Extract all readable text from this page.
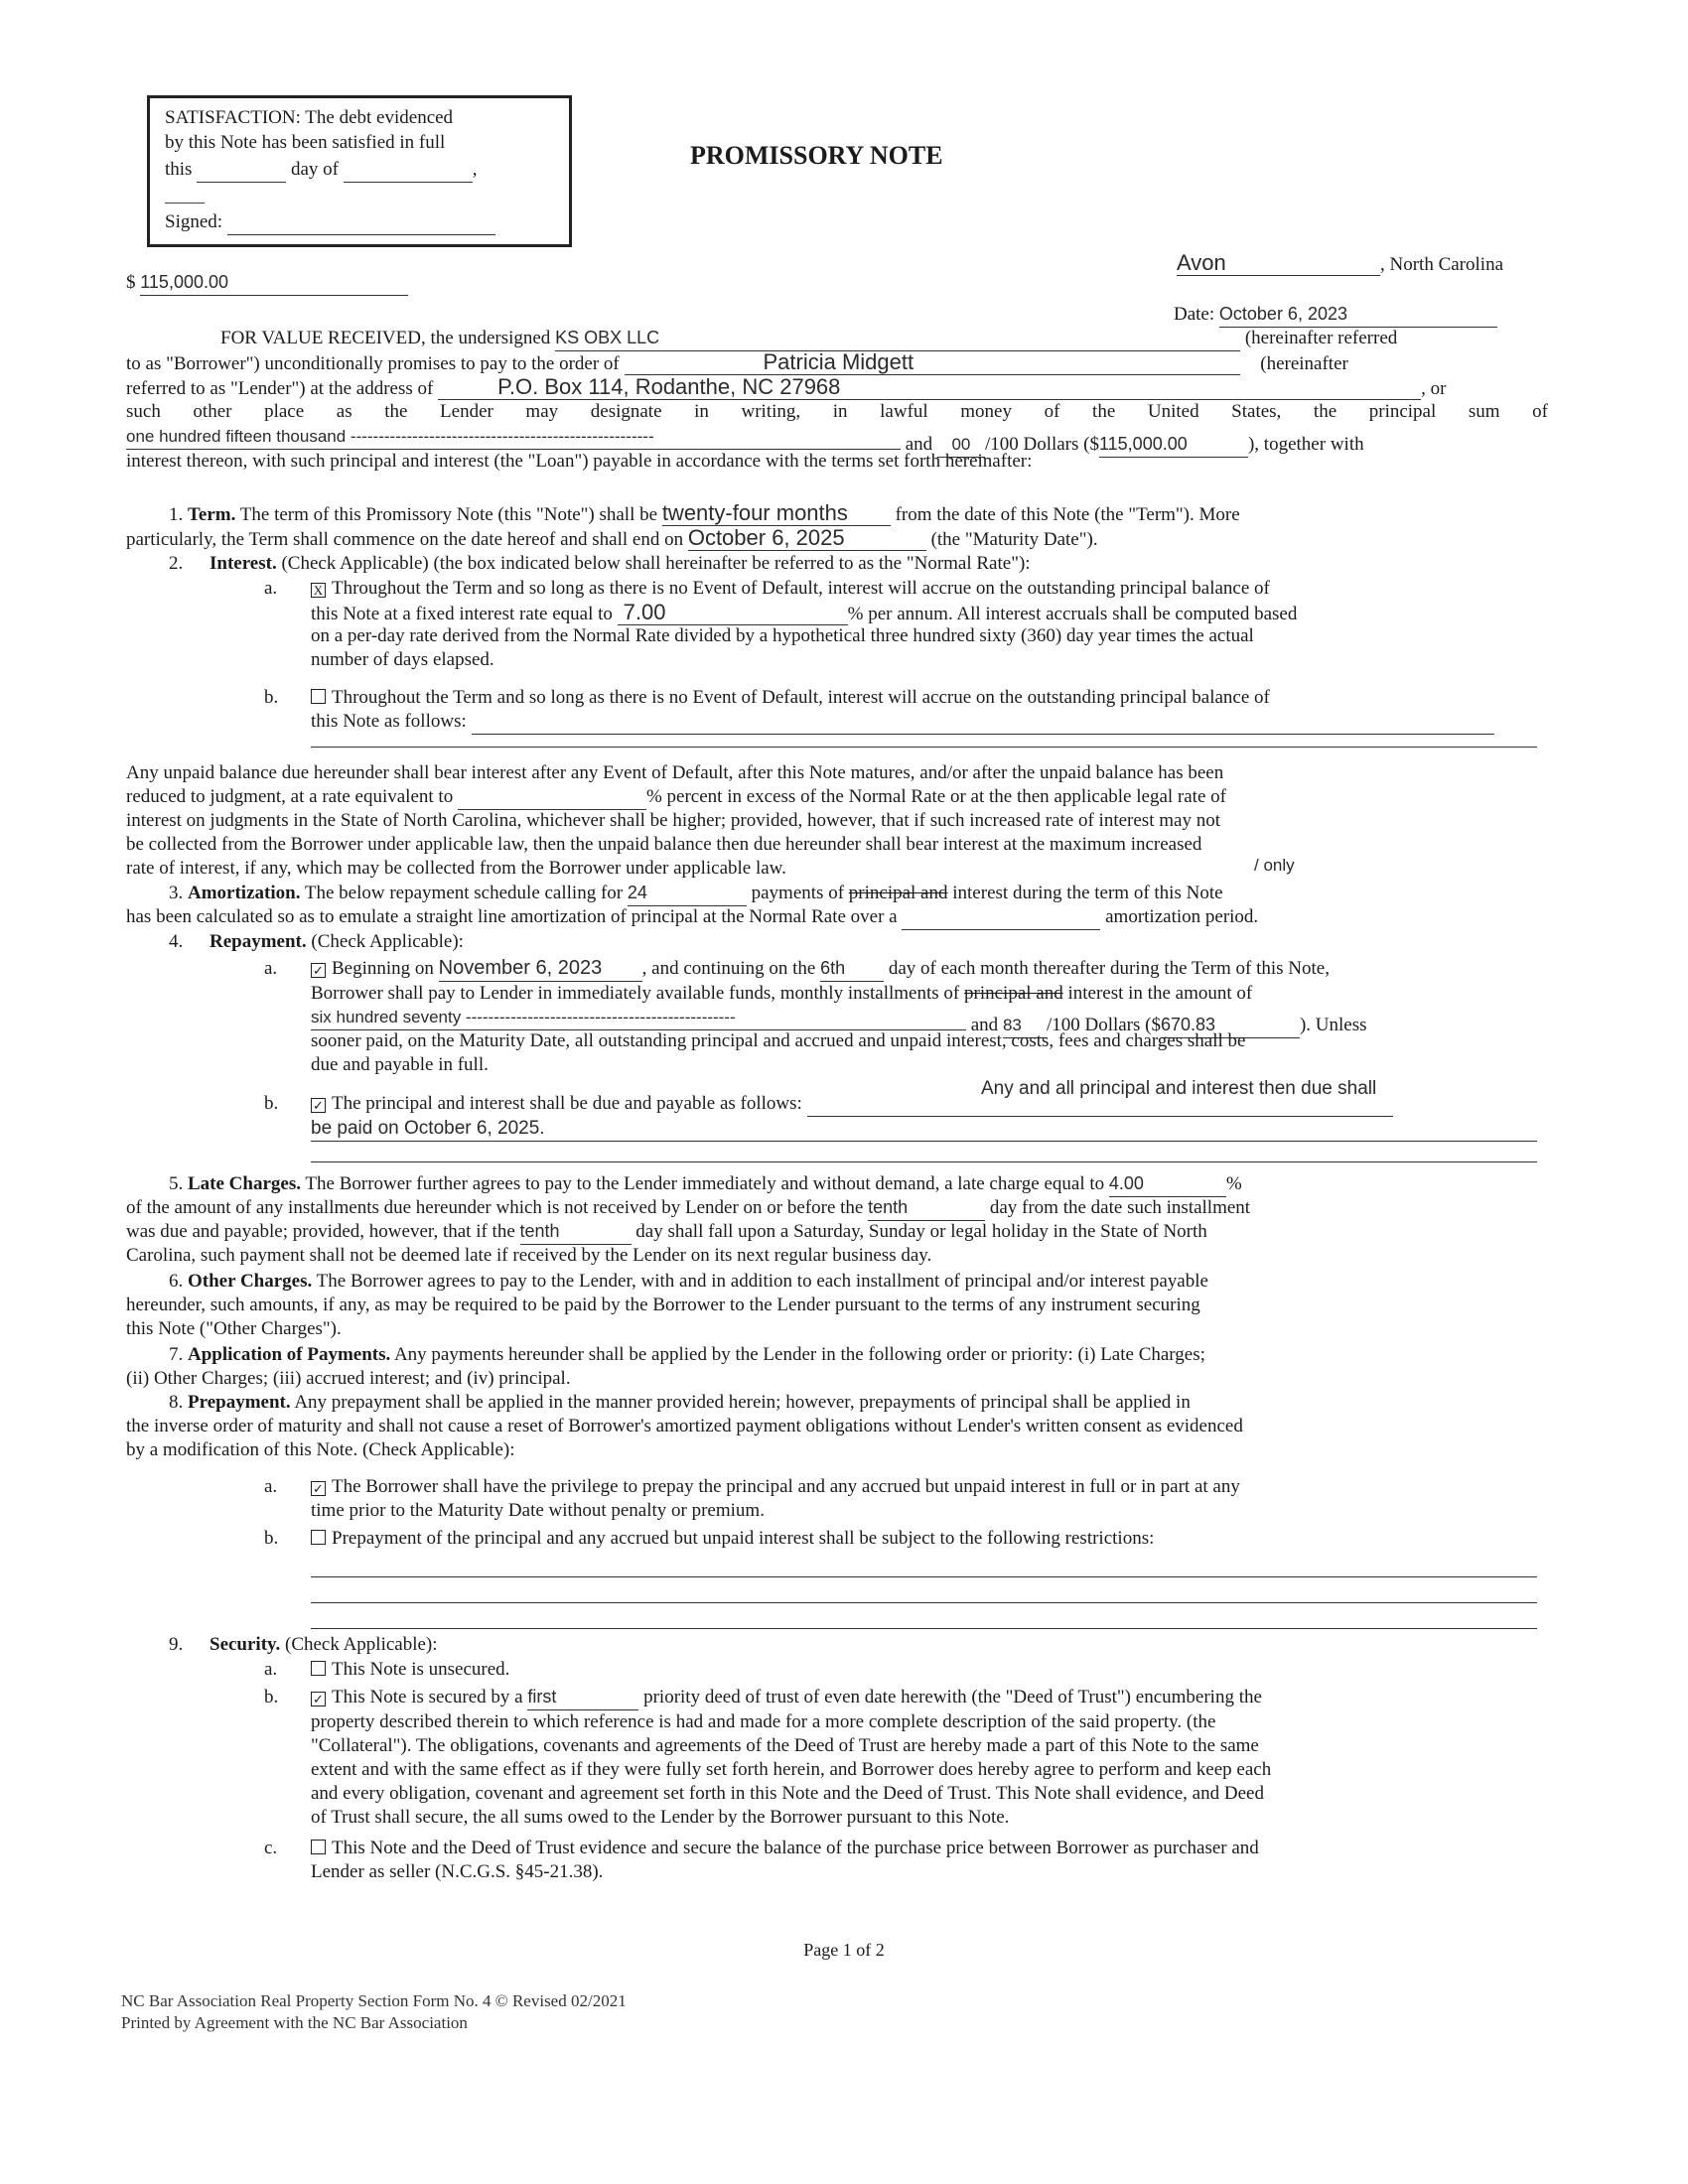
SATISFACTION: The debt evidenced
by this Note has been satisfied in full
this	day of	,
Signed:
PROMISSORY NOTE
$ 115,000.00
Avon	, North Carolina
Date: October 6, 2023
FOR VALUE RECEIVED, the undersigned KS OBX LLC	(hereinafter referred
to as "Borrower") unconditionally promises to pay to the order of	Patricia Midgett	(hereinafter
referred to as "Lender") at the address of	P.O. Box 114, Rodanthe, NC 27968	, or
such other place as the Lender may designate in writing, in lawful money of the United States, the principal sum of
one hundred fifteen thousand ------------------------------------------------------	and 00 /100 Dollars ($115,000.00	), together with
interest thereon, with such principal and interest (the "Loan") payable in accordance with the terms set forth hereinafter:
1. Term. The term of this Promissory Note (this "Note") shall be twenty-four months	from the date of this Note (the "Term"). More
particularly, the Term shall commence on the date hereof and shall end on October 6, 2025	(the "Maturity Date").
2. Interest. (Check Applicable) (the box indicated below shall hereinafter be referred to as the "Normal Rate"):
a.	X Throughout the Term and so long as there is no Event of Default, interest will accrue on the outstanding principal balance of
this Note at a fixed interest rate equal to 7.00	% per annum. All interest accruals shall be computed based
on a per-day rate derived from the Normal Rate divided by a hypothetical three hundred sixty (360) day year times the actual
number of days elapsed.
b.	Throughout the Term and so long as there is no Event of Default, interest will accrue on the outstanding principal balance of
this Note as follows:
Any unpaid balance due hereunder shall bear interest after any Event of Default, after this Note matures, and/or after the unpaid balance has been
reduced to judgment, at a rate equivalent to	% percent in excess of the Normal Rate or at the then applicable legal rate of
interest on judgments in the State of North Carolina, whichever shall be higher; provided, however, that if such increased rate of interest may not
be collected from the Borrower under applicable law, then the unpaid balance then due hereunder shall bear interest at the maximum increased
rate of interest, if any, which may be collected from the Borrower under applicable law.	/ only
3. Amortization. The below repayment schedule calling for 24	payments of principal and interest during the term of this Note
has been calculated so as to emulate a straight line amortization of principal at the Normal Rate over a	amortization period.
4. Repayment. (Check Applicable):
a.	✓ Beginning on November 6, 2023 , and continuing on the 6th day of each month thereafter during the Term of this Note,
Borrower shall pay to Lender in immediately available funds, monthly installments of principal and interest in the amount of
six hundred seventy ------------------------------------------------	and 83 /100 Dollars ($670.83	). Unless
sooner paid, on the Maturity Date, all outstanding principal and accrued and unpaid interest, costs, fees and charges shall be
due and payable in full.
Any and all principal and interest then due shall
b.	✓ The principal and interest shall be due and payable as follows:
be paid on October 6, 2025.
5. Late Charges. The Borrower further agrees to pay to the Lender immediately and without demand, a late charge equal to 4.00	%
of the amount of any installments due hereunder which is not received by Lender on or before the tenth	day from the date such installment
was due and payable; provided, however, that if the tenth	day shall fall upon a Saturday, Sunday or legal holiday in the State of North
Carolina, such payment shall not be deemed late if received by the Lender on its next regular business day.
6. Other Charges. The Borrower agrees to pay to the Lender, with and in addition to each installment of principal and/or interest payable
hereunder, such amounts, if any, as may be required to be paid by the Borrower to the Lender pursuant to the terms of any instrument securing
this Note ("Other Charges").
7. Application of Payments. Any payments hereunder shall be applied by the Lender in the following order or priority: (i) Late Charges;
(ii) Other Charges; (iii) accrued interest; and (iv) principal.
8. Prepayment. Any prepayment shall be applied in the manner provided herein; however, prepayments of principal shall be applied in
the inverse order of maturity and shall not cause a reset of Borrower's amortized payment obligations without Lender's written consent as evidenced
by a modification of this Note. (Check Applicable):
a.	✓ The Borrower shall have the privilege to prepay the principal and any accrued but unpaid interest in full or in part at any
time prior to the Maturity Date without penalty or premium.
b.	Prepayment of the principal and any accrued but unpaid interest shall be subject to the following restrictions:
9. Security. (Check Applicable):
a.	This Note is unsecured.
b.	✓ This Note is secured by a first	priority deed of trust of even date herewith (the "Deed of Trust") encumbering the
property described therein to which reference is had and made for a more complete description of the said property. (the
"Collateral"). The obligations, covenants and agreements of the Deed of Trust are hereby made a part of this Note to the same
extent and with the same effect as if they were fully set forth herein, and Borrower does hereby agree to perform and keep each
and every obligation, covenant and agreement set forth in this Note and the Deed of Trust. This Note shall evidence, and Deed
of Trust shall secure, the all sums owed to the Lender by the Borrower pursuant to this Note.
c.	This Note and the Deed of Trust evidence and secure the balance of the purchase price between Borrower as purchaser and
Lender as seller (N.C.G.S. §45-21.38).
Page 1 of 2
NC Bar Association Real Property Section Form No. 4 © Revised 02/2021
Printed by Agreement with the NC Bar Association
